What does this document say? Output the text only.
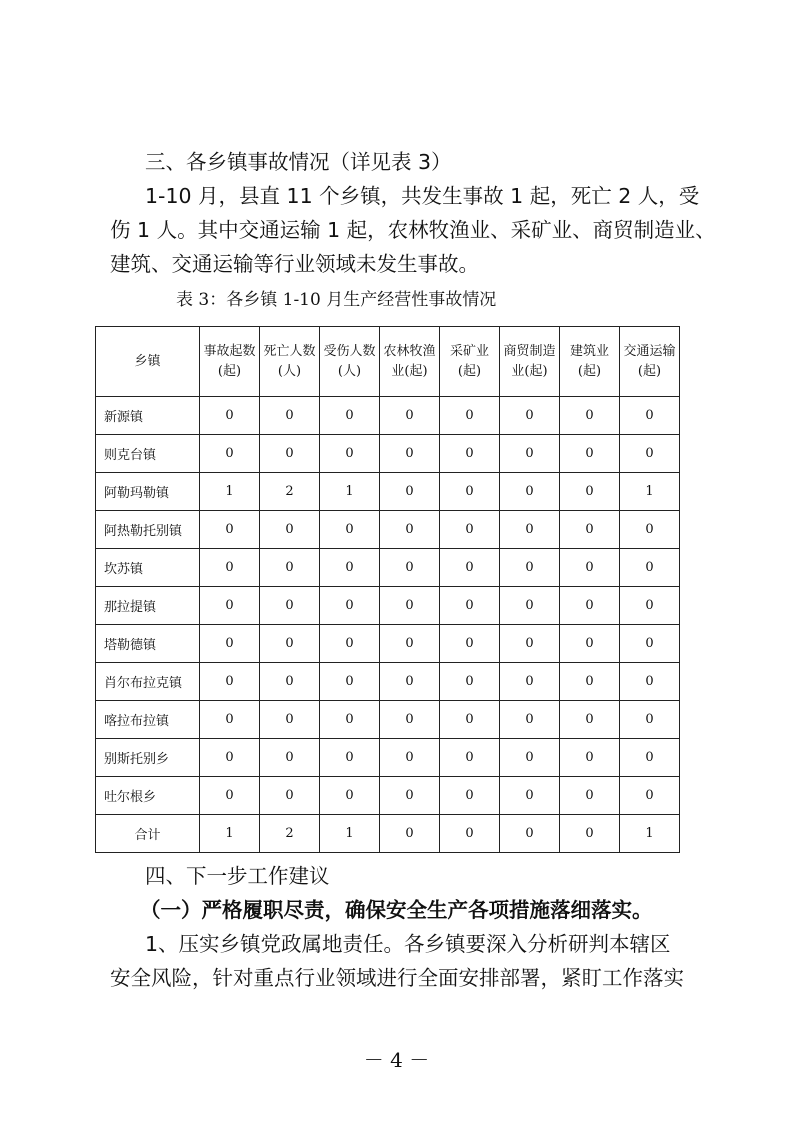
三、各乡镇事故情况（详见表 3）
1-10 月，县直 11 个乡镇，共发生事故 1 起，死亡 2 人，受
伤 1 人。其中交通运输 1 起，农林牧渔业、采矿业、商贸制造业、
建筑、交通运输等行业领域未发生事故。
表 3：各乡镇 1-10 月生产经营性事故情况
乡镇	事故起数(起)	死亡人数(人)	受伤人数(人)	农林牧渔业(起)	采矿业(起)	商贸制造业(起)	建筑业(起)	交通运输(起)
新源镇	0	0	0	0	0	0	0	0
则克台镇	0	0	0	0	0	0	0	0
阿勒玛勒镇	1	2	1	0	0	0	0	1
阿热勒托别镇	0	0	0	0	0	0	0	0
坎苏镇	0	0	0	0	0	0	0	0
那拉提镇	0	0	0	0	0	0	0	0
塔勒德镇	0	0	0	0	0	0	0	0
肖尔布拉克镇	0	0	0	0	0	0	0	0
喀拉布拉镇	0	0	0	0	0	0	0	0
别斯托别乡	0	0	0	0	0	0	0	0
吐尔根乡	0	0	0	0	0	0	0	0
合计	1	2	1	0	0	0	0	1
四、下一步工作建议
（一）严格履职尽责，确保安全生产各项措施落细落实。
1、压实乡镇党政属地责任。各乡镇要深入分析研判本辖区
安全风险，针对重点行业领域进行全面安排部署，紧盯工作落实
－ 4 －
